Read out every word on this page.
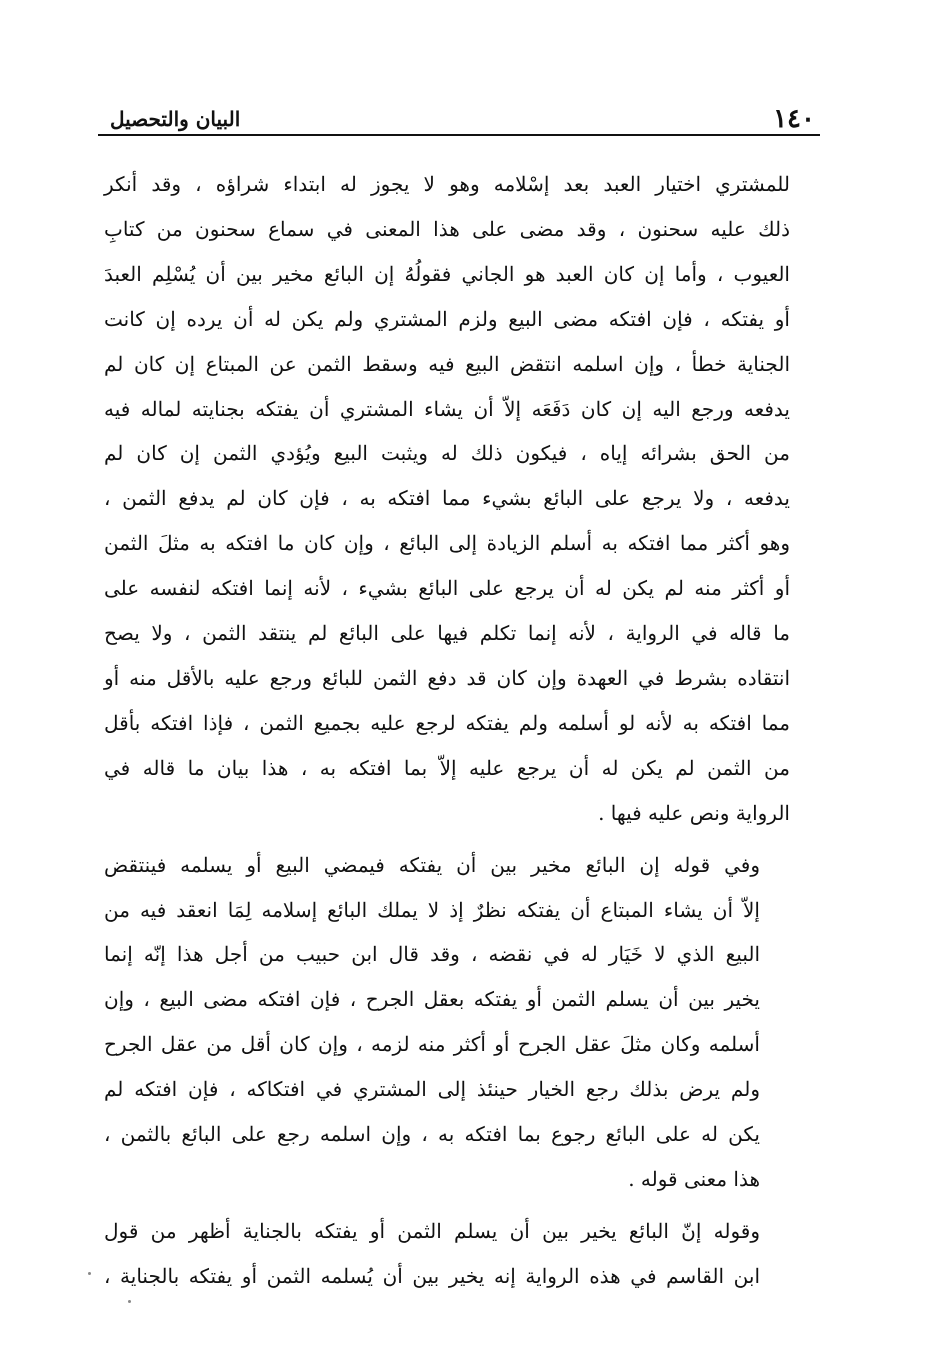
١٤٠
البيان والتحصيل

للمشتري اختيار العبد بعد إسْلامه وهو لا يجوز له ابتداء شراؤه ، وقد أنكر
ذلك عليه سحنون ، وقد مضى على هذا المعنى في سماع سحنون من كتابِ
العيوب ، وأما إن كان العبد هو الجاني فقولُهُ إن البائع مخير بين أن يُسْلِم العبدَ
أو يفتكه ، فإن افتكه مضى البيع ولزم المشتري ولم يكن له أن يرده إن كانت
الجناية خطأ ، وإن اسلمه انتقض البيع فيه وسقط الثمن عن المبتاع إن كان لم
يدفعه ورجع اليه إن كان دَفَعَه إلاّ أن يشاء المشتري أن يفتكه بجنايته لماله فيه
من الحق بشرائه إياه ، فيكون ذلك له ويثبت البيع ويُؤدي الثمن إن كان لم
يدفعه ، ولا يرجع على البائع بشيء مما افتكه به ، فإن كان لم يدفع الثمن ،
وهو أكثر مما افتكه به أسلم الزيادة إلى البائع ، وإن كان ما افتكه به مثلَ الثمن
أو أكثر منه لم يكن له أن يرجع على البائع بشيء ، لأنه إنما افتكه لنفسه على
ما قاله في الرواية ، لأنه إنما تكلم فيها على البائع لم ينتقد الثمن ، ولا يصح
انتقاده بشرط في العهدة وإن كان قد دفع الثمن للبائع ورجع عليه بالأقل منه أو
مما افتكه به لأنه لو أسلمه ولم يفتكه لرجع عليه بجميع الثمن ، فإذا افتكه بأقل
من الثمن لم يكن له أن يرجع عليه إلاّ بما افتكه به ، هذا بيان ما قاله في
الرواية ونص عليه فيها .

وفي قوله إن البائع مخير بين أن يفتكه فيمضي البيع أو يسلمه فينتقض
إلاّ أن يشاء المبتاع أن يفتكه نظرٌ إذ لا يملك البائع إسلامه لِمَا انعقد فيه من
البيع الذي لا خَيَار له في نقضه ، وقد قال ابن حبيب من أجل هذا إنّه إنما
يخير بين أن يسلم الثمن أو يفتكه بعقل الجرح ، فإن افتكه مضى البيع ، وإن
أسلمه وكان مثلَ عقل الجرح أو أكثر منه لزمه ، وإن كان أقل من عقل الجرح
ولم يرض بذلك رجع الخيار حينئذ إلى المشتري في افتكاكه ، فإن افتكه لم
يكن له على البائع رجوع بما افتكه به ، وإن اسلمه رجع على البائع بالثمن ،
هذا معنى قوله .

وقوله إنّ البائع يخير بين أن يسلم الثمن أو يفتكه بالجناية أظهر من قول
ابن القاسم في هذه الرواية إنه يخير بين أن يُسلمه الثمن أو يفتكه بالجناية ،
